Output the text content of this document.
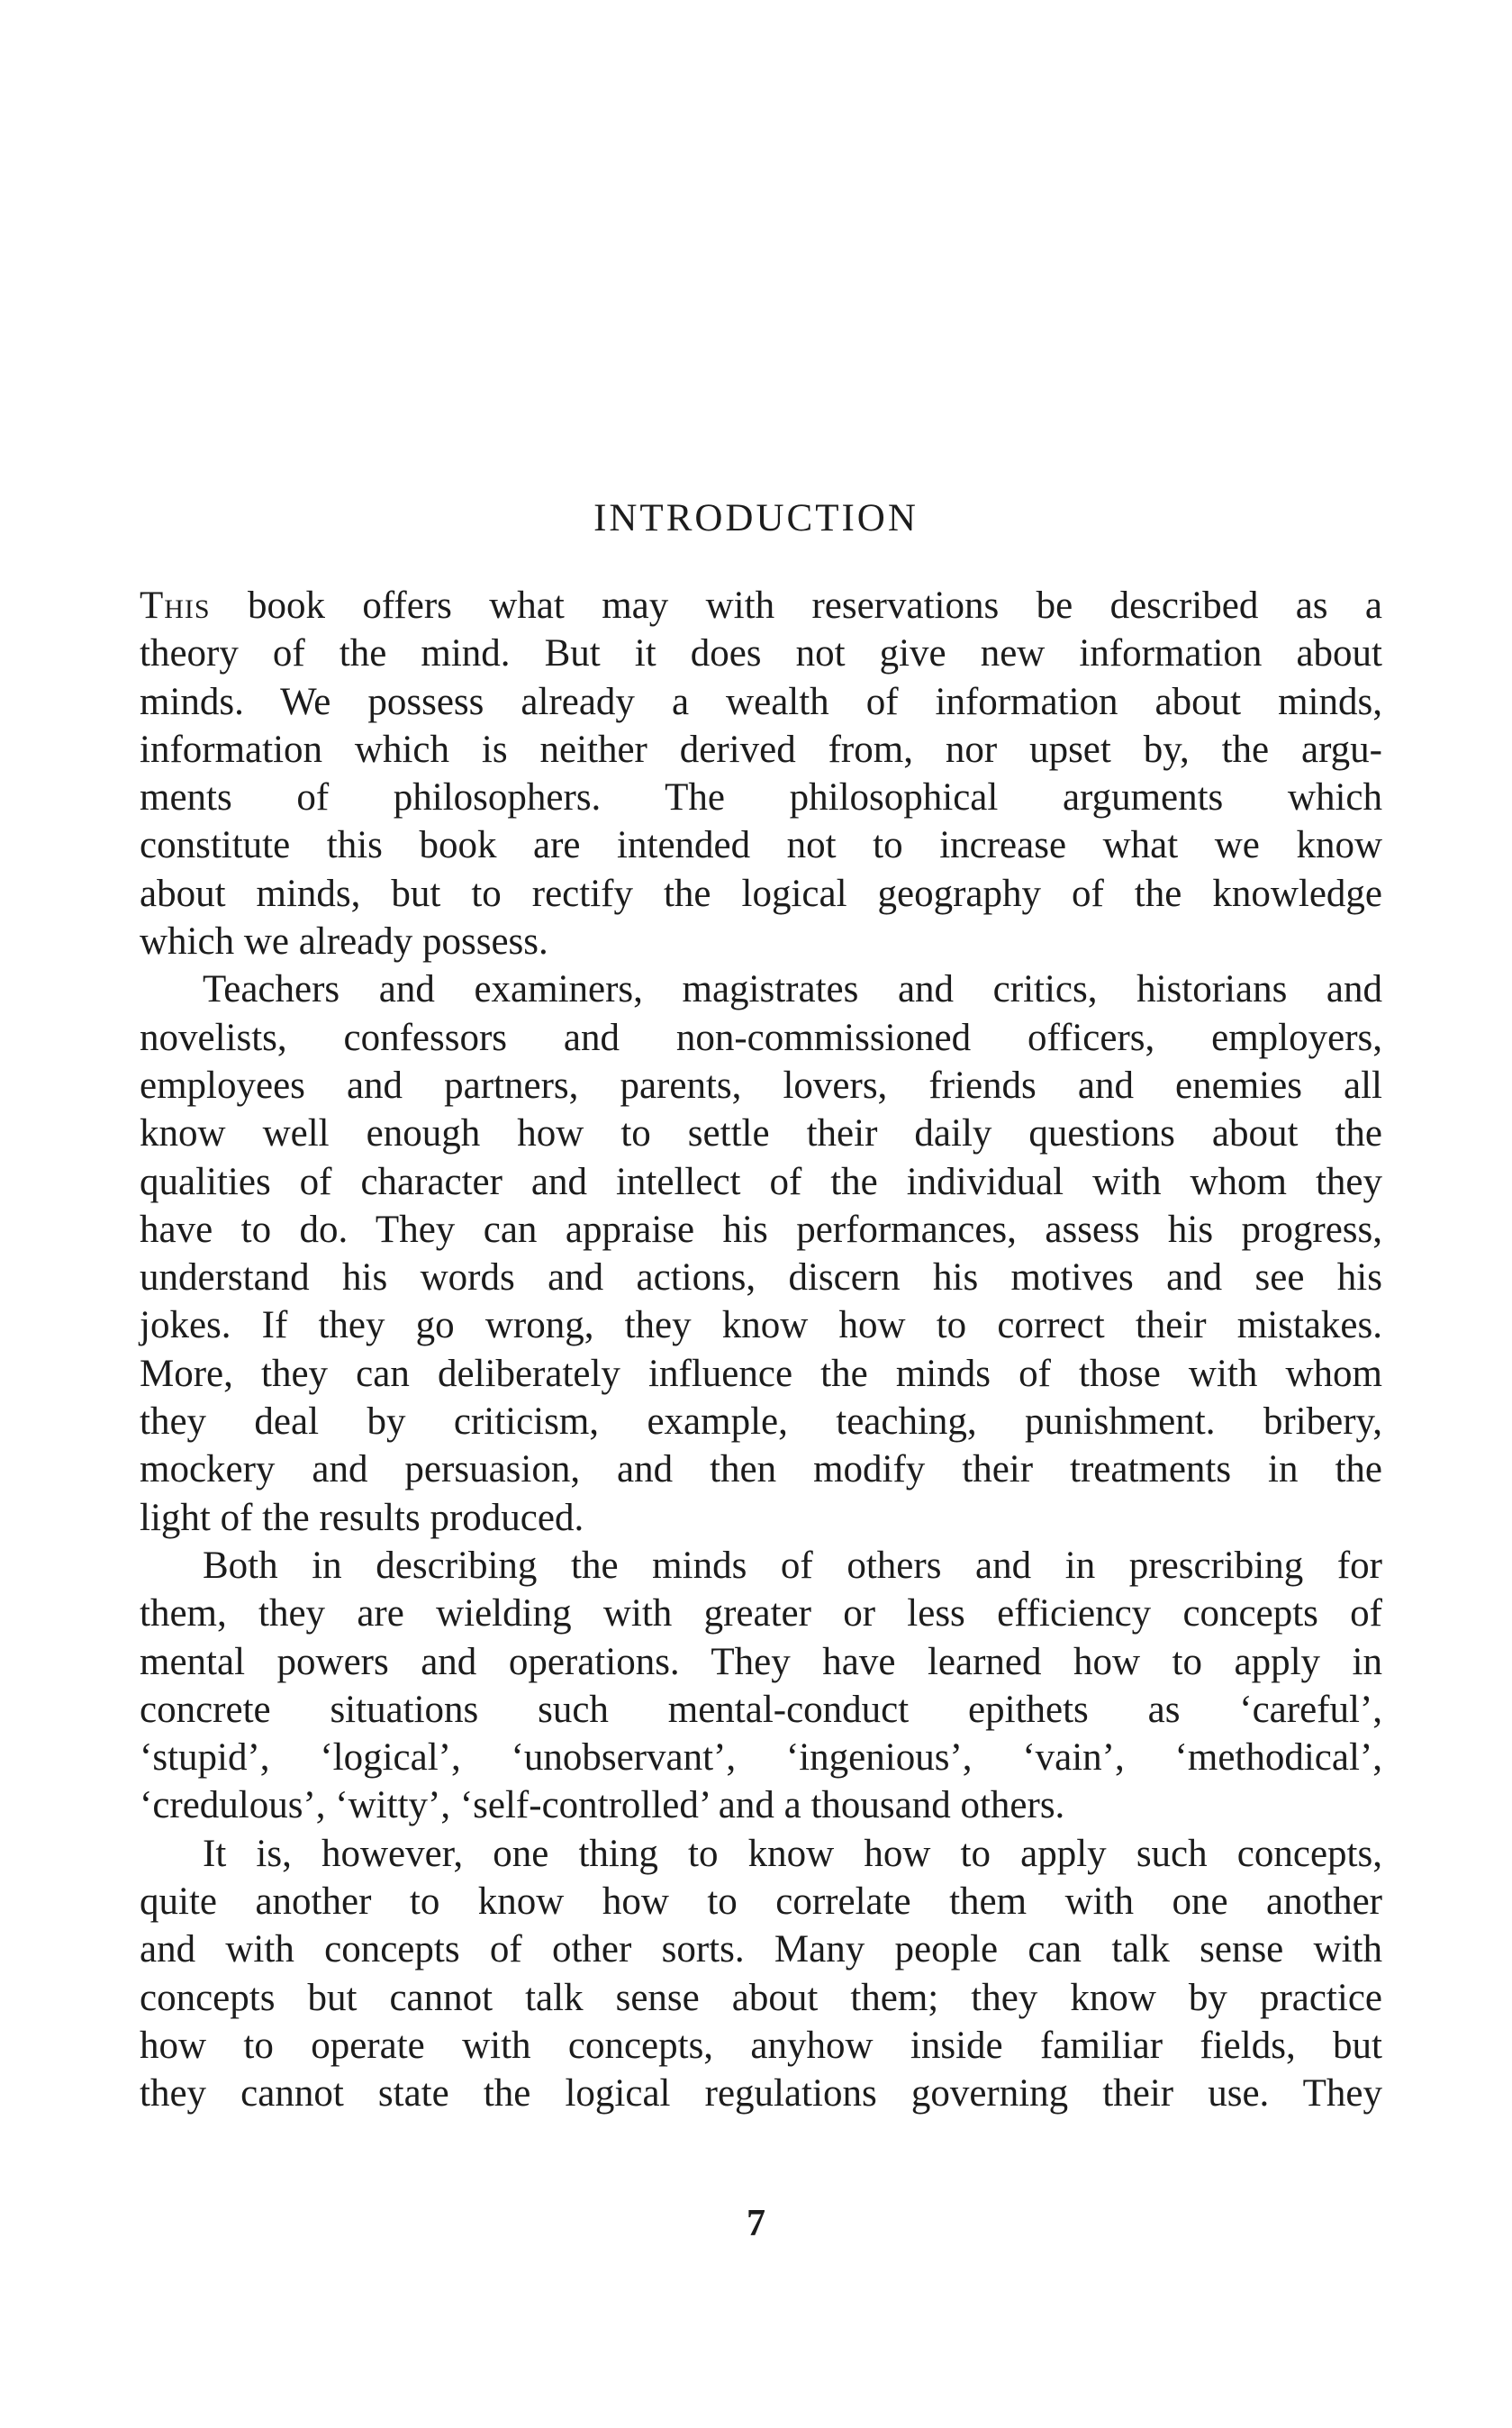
INTRODUCTION
This book offers what may with reservations be described as a
theory of the mind. But it does not give new information about
minds. We possess already a wealth of information about minds,
information which is neither derived from, nor upset by, the argu-
ments of philosophers. The philosophical arguments which
constitute this book are intended not to increase what we know
about minds, but to rectify the logical geography of the knowledge
which we already possess.
Teachers and examiners, magistrates and critics, historians and
novelists, confessors and non-commissioned officers, employers,
employees and partners, parents, lovers, friends and enemies all
know well enough how to settle their daily questions about the
qualities of character and intellect of the individual with whom they
have to do. They can appraise his performances, assess his progress,
understand his words and actions, discern his motives and see his
jokes. If they go wrong, they know how to correct their mistakes.
More, they can deliberately influence the minds of those with whom
they deal by criticism, example, teaching, punishment. bribery,
mockery and persuasion, and then modify their treatments in the
light of the results produced.
Both in describing the minds of others and in prescribing for
them, they are wielding with greater or less efficiency concepts of
mental powers and operations. They have learned how to apply in
concrete situations such mental-conduct epithets as ‘careful’,
‘stupid’, ‘logical’, ‘unobservant’, ‘ingenious’, ‘vain’, ‘methodical’,
‘credulous’, ‘witty’, ‘self-controlled’ and a thousand others.
It is, however, one thing to know how to apply such concepts,
quite another to know how to correlate them with one another
and with concepts of other sorts. Many people can talk sense with
concepts but cannot talk sense about them; they know by practice
how to operate with concepts, anyhow inside familiar fields, but
they cannot state the logical regulations governing their use. They
7
